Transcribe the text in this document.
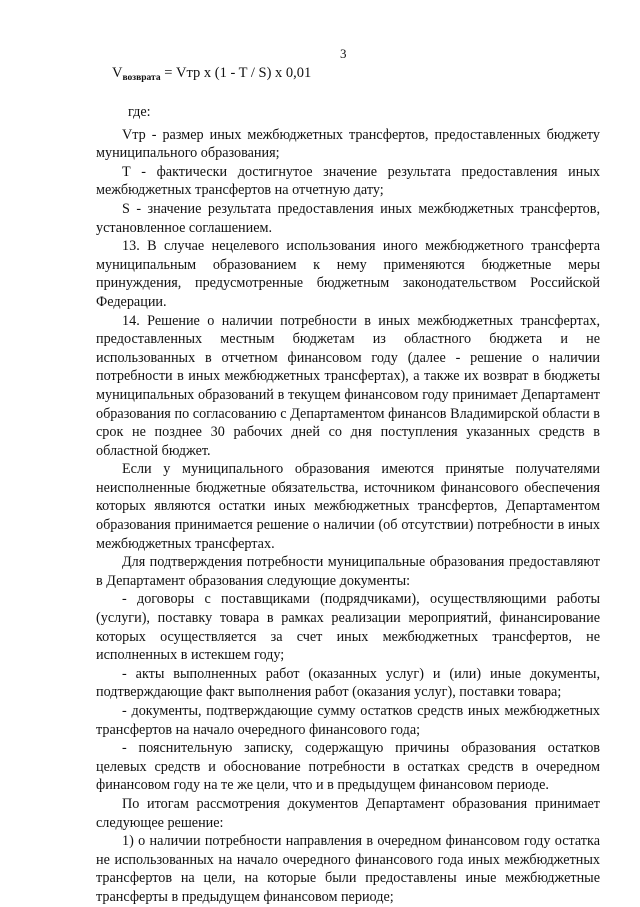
3
$V_{возврата}$ = Vтр x (1 - T / S) x 0,01

где:

Vтр - размер иных межбюджетных трансфертов, предоставленных бюджету муниципального образования;

Т - фактически достигнутое значение результата предоставления иных межбюджетных трансфертов на отчетную дату;

S - значение результата предоставления иных межбюджетных трансфертов, установленное соглашением.

13. В случае нецелевого использования иного межбюджетного трансферта муниципальным образованием к нему применяются бюджетные меры принуждения, предусмотренные бюджетным законодательством Российской Федерации.

14. Решение о наличии потребности в иных межбюджетных трансфертах, предоставленных местным бюджетам из областного бюджета и не использованных в отчетном финансовом году (далее - решение о наличии потребности в иных межбюджетных трансфертах), а также их возврат в бюджеты муниципальных образований в текущем финансовом году принимает Департамент образования по согласованию с Департаментом финансов Владимирской области в срок не позднее 30 рабочих дней со дня поступления указанных средств в областной бюджет.

Если у муниципального образования имеются принятые получателями неисполненные бюджетные обязательства, источником финансового обеспечения которых являются остатки иных межбюджетных трансфертов, Департаментом образования принимается решение о наличии (об отсутствии) потребности в иных межбюджетных трансфертах.

Для подтверждения потребности муниципальные образования предоставляют в Департамент образования следующие документы:

- договоры с поставщиками (подрядчиками), осуществляющими работы (услуги), поставку товара в рамках реализации мероприятий, финансирование которых осуществляется за счет иных межбюджетных трансфертов, не исполненных в истекшем году;

- акты выполненных работ (оказанных услуг) и (или) иные документы, подтверждающие факт выполнения работ (оказания услуг), поставки товара;

- документы, подтверждающие сумму остатков средств иных межбюджетных трансфертов на начало очередного финансового года;

- пояснительную записку, содержащую причины образования остатков целевых средств и обоснование потребности в остатках средств в очередном финансовом году на те же цели, что и в предыдущем финансовом периоде.

По итогам рассмотрения документов Департамент образования принимает следующее решение:

1) о наличии потребности направления в очередном финансовом году остатка не использованных на начало очередного финансового года иных межбюджетных трансфертов на цели, на которые были предоставлены иные межбюджетные трансферты в предыдущем финансовом периоде;
